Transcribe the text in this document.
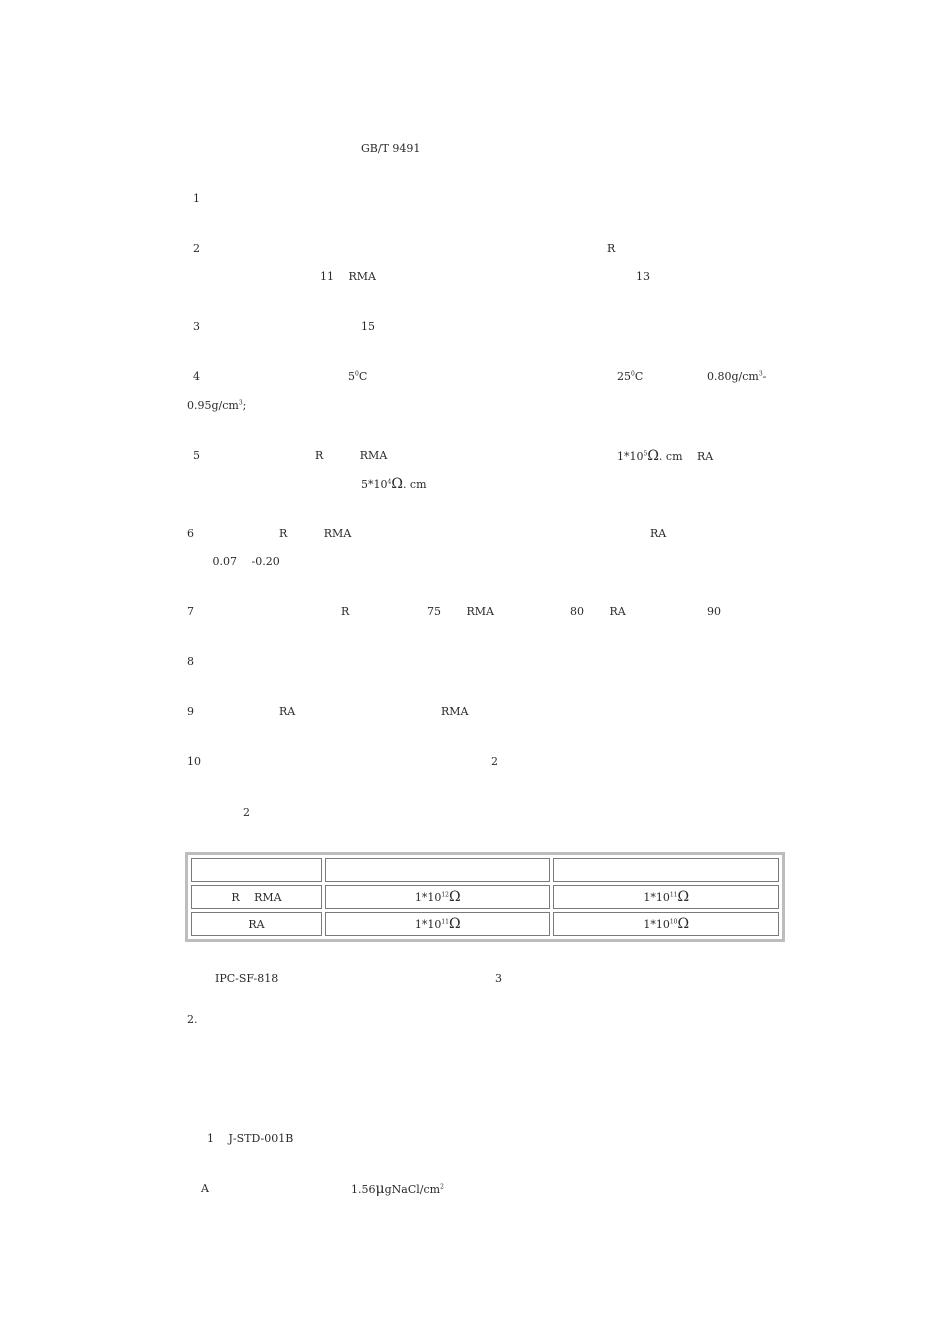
GB/T 9491　　　
1　　　　　　　　　　　　　　　　　　　　　　　　　　　　　
2　　　　　　　　　　　　　　　　　　　　　　　　　　　	R　　　　　　　　　　

11　 RMA　　　　　　　　　　　　　　　　　	13　
3　　　　　　　　　	15　　
4　　　　　　　　　	$5^0C$　　　　　　　　　　　　　　　　	$25^0C$　　　　 $0.80g/cm^3-$
$0.95g/cm^3$;
5　　　　　　　	R　　　 RMA　　　　　　　　　　　　　　　	$1*10^5\Omega$. cm　 RA　　　　

$5*10^4\Omega$. cm　
6　　　　　	R　　　 RMA　　　　　　　　　　　　　　　　　　　　	RA　　　　　　　　
　　 0.07　 -0.20　　　　　　　　
7　　　　　　　　　	R　　　　　 75　　 RMA　　　　　 80　　 RA　　　　　 90　　
8　　　　　　　　　　　　　　　　　　　　　　　　　　　　　
9　　　　　	RA　　　　　　　　　　	RMA　　　　　　　　　　　　　　　　
10　　　　　　　　　　　　　　　　　　　	2　　　　

2

R　 RMA	$1*10^{12}\Omega$	$1*10^{11}\Omega$
RA	$1*10^{11}\Omega$	$1*10^{10}\Omega$
IPC-SF-818　　　　　　　　　　　　　　	3　
2.　　　　　　　　　　　

1　 J-STD-001B　　　
A　　　　　　　　　　	$1.56\mu gNaCl/cm^2$　
